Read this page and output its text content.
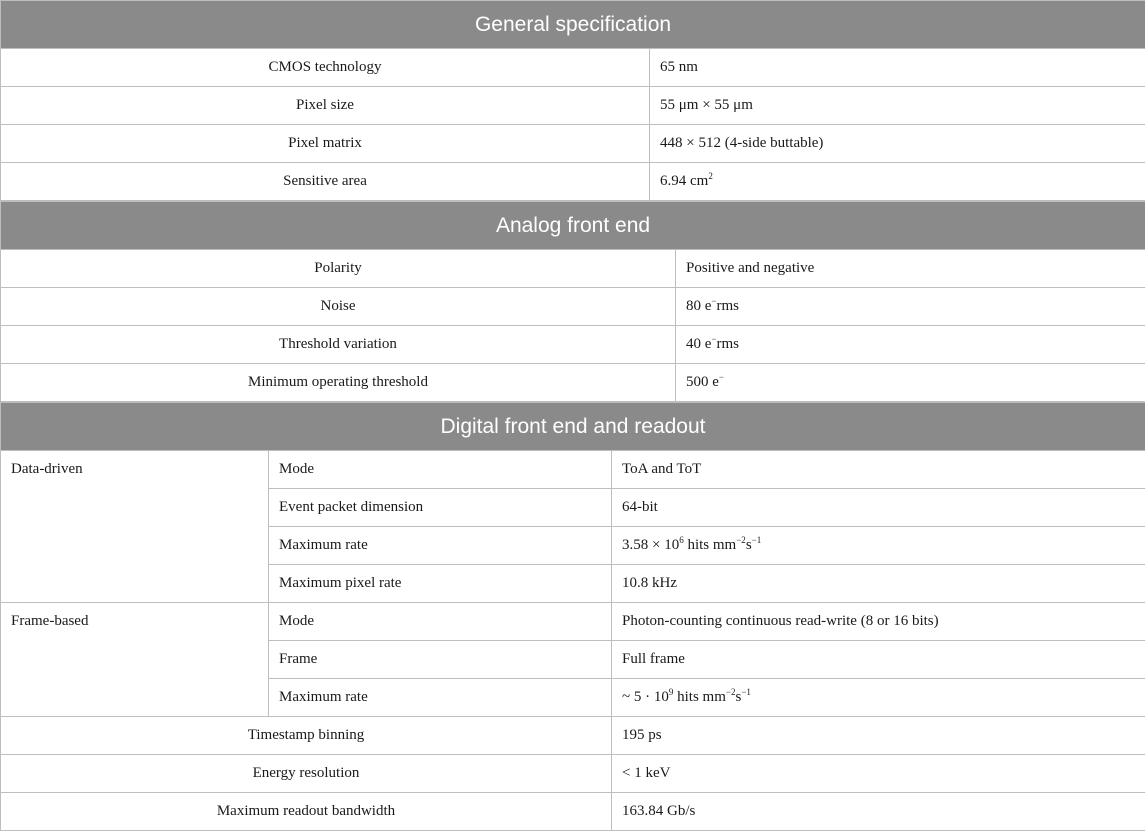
General specification	
CMOS technology	65 nm
Pixel size	55 μm × 55 μm
Pixel matrix	448 × 512 (4-side buttable)
Sensitive area	6.94 $cm^2$
Analog front end	
Polarity	Positive and negative
Noise	80 e−rms
Threshold variation	40 e−rms
Minimum operating threshold	500 e−
Digital front end and readout		
Data-driven	Mode	ToA and ToT
	Event packet dimension	64-bit
	Maximum rate	$3.58 \times 10^6$ hits $mm^{-2}s^{-1}$
	Maximum pixel rate	10.8 kHz
Frame-based	Mode	Photon-counting continuous read-write (8 or 16 bits)
	Frame	Full frame
	Maximum rate	~ $5 \cdot 10^9$ hits $mm^{-2}s^{-1}$
Timestamp binning		195 ps
Energy resolution		< 1 keV
Maximum readout bandwidth		163.84 Gb/s
